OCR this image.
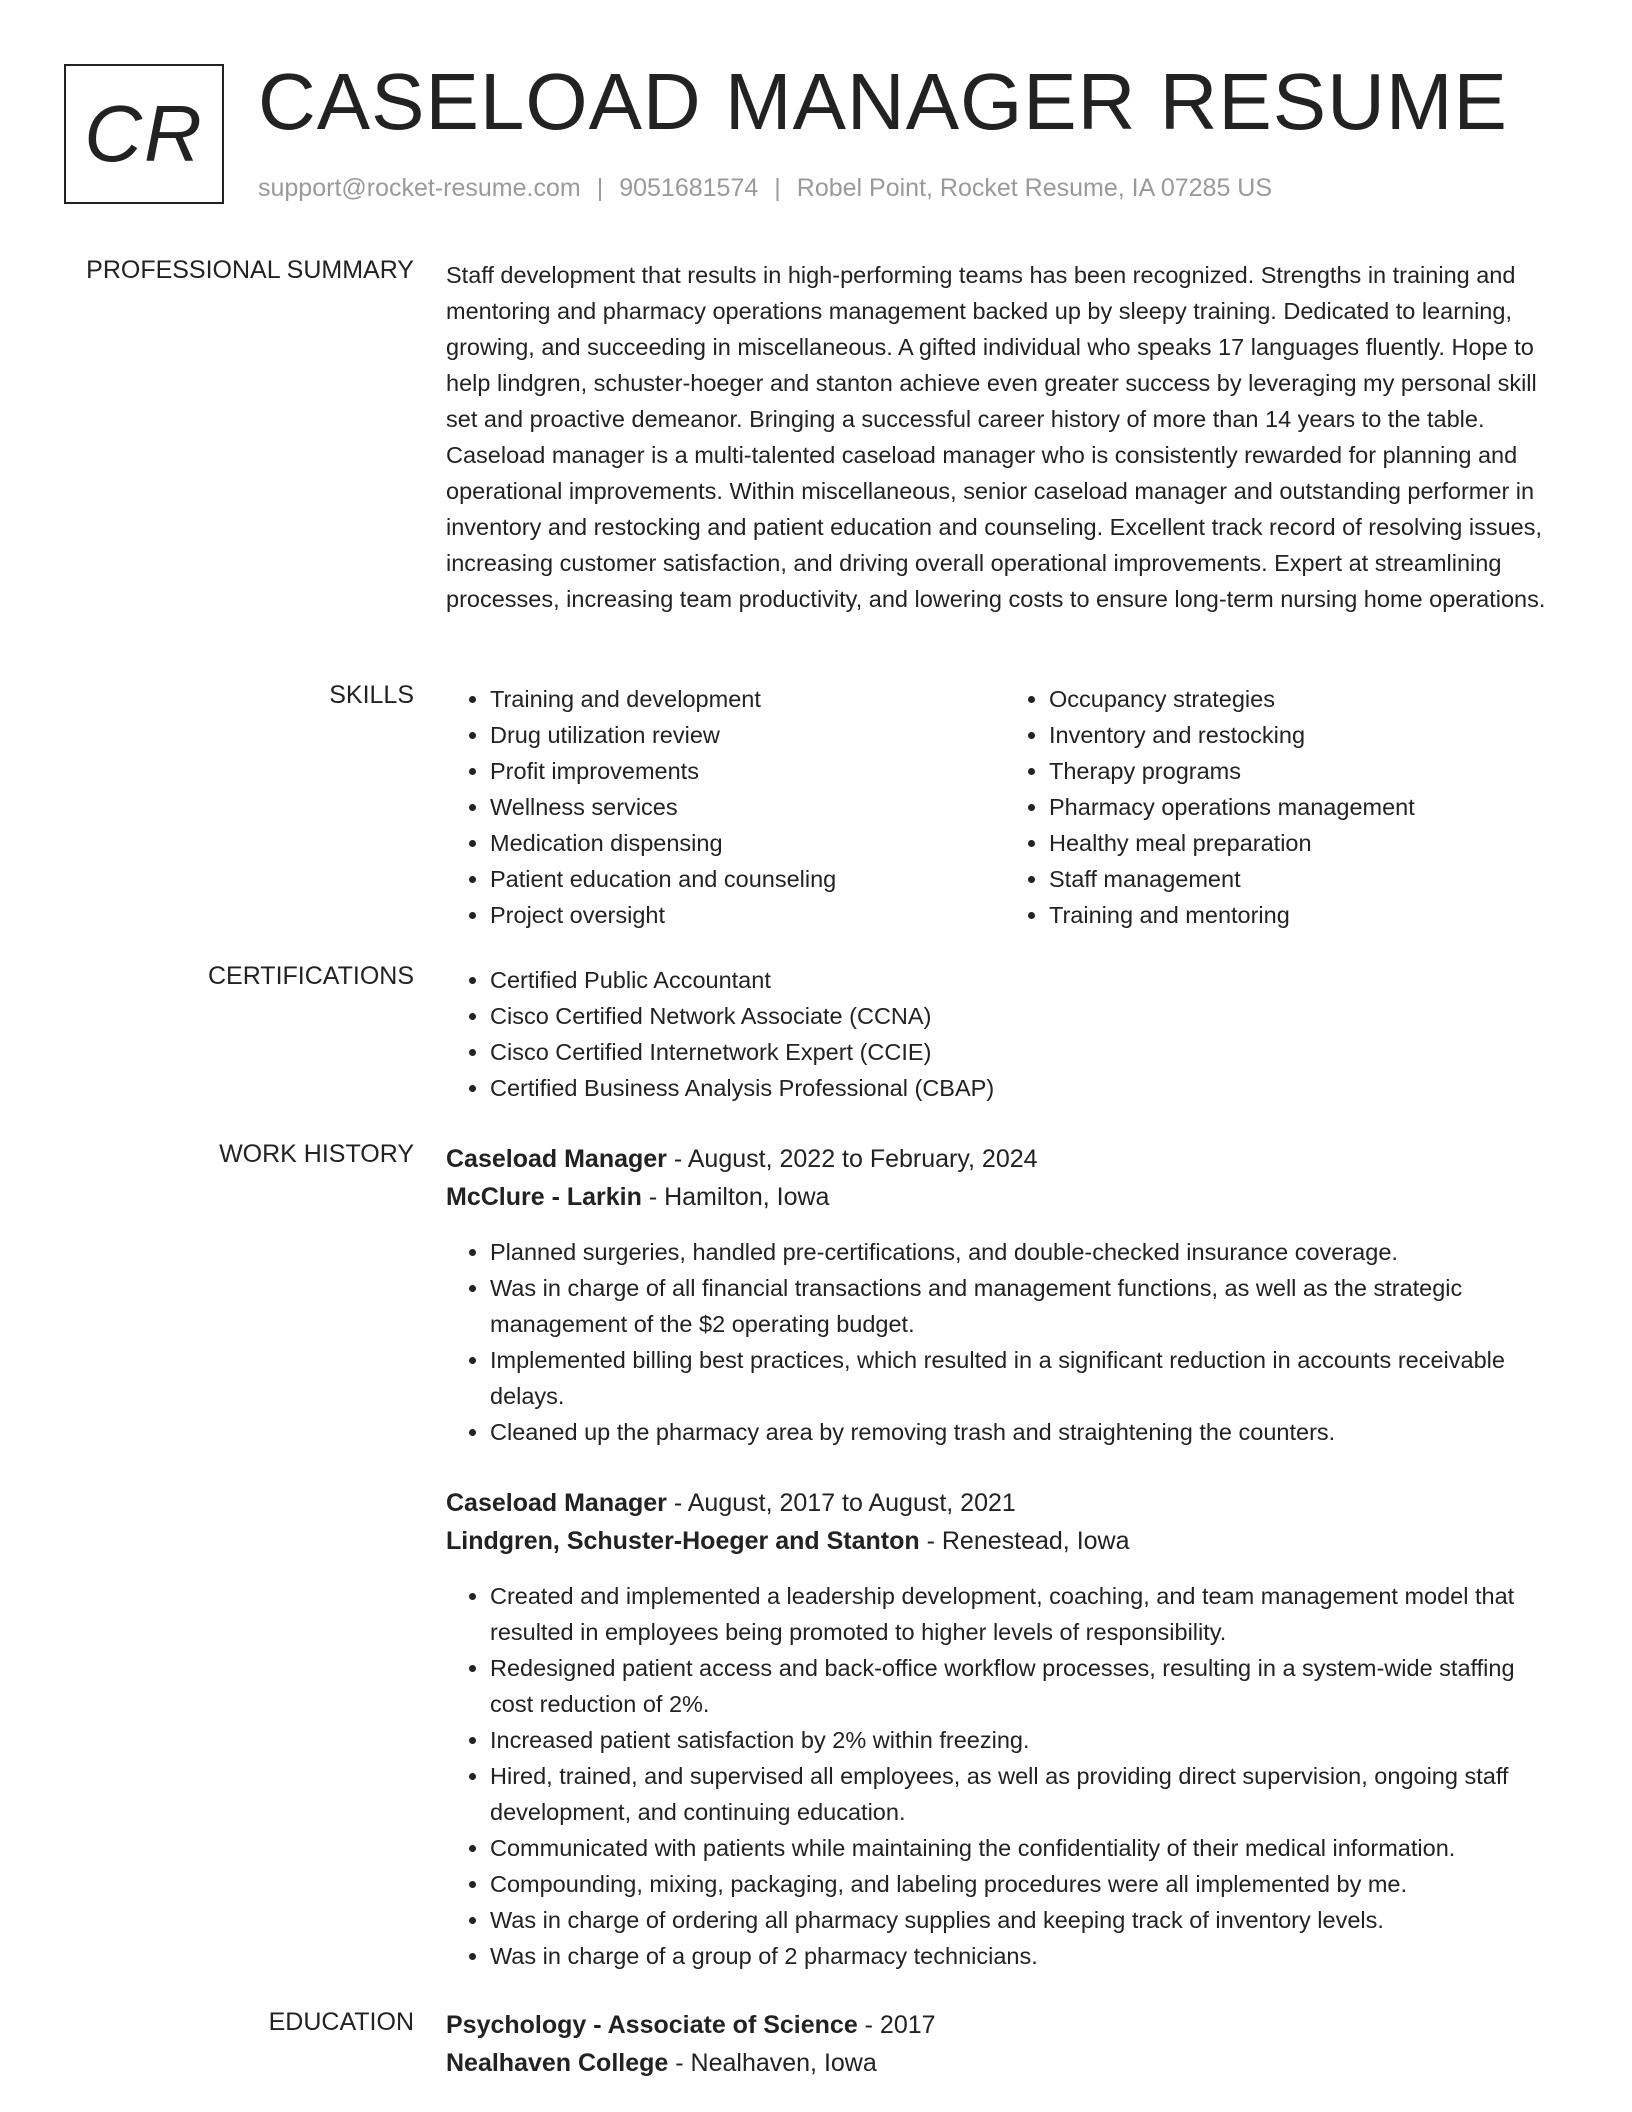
CR CASELOAD MANAGER RESUME
support@rocket-resume.com | 9051681574 | Robel Point, Rocket Resume, IA 07285 US
PROFESSIONAL SUMMARY Staff development that results in high-performing teams has been recognized. Strengths in training and mentoring and pharmacy operations management backed up by sleepy training. Dedicated to learning, growing, and succeeding in miscellaneous. A gifted individual who speaks 17 languages fluently. Hope to help lindgren, schuster-hoeger and stanton achieve even greater success by leveraging my personal skill set and proactive demeanor. Bringing a successful career history of more than 14 years to the table. Caseload manager is a multi-talented caseload manager who is consistently rewarded for planning and operational improvements. Within miscellaneous, senior caseload manager and outstanding performer in inventory and restocking and patient education and counseling. Excellent track record of resolving issues, increasing customer satisfaction, and driving overall operational improvements. Expert at streamlining processes, increasing team productivity, and lowering costs to ensure long-term nursing home operations.
SKILLS	• Training and development
• Drug utilization review
• Profit improvements
• Wellness services
• Medication dispensing
• Patient education and counseling
• Project oversight
• Occupancy strategies
• Inventory and restocking
• Therapy programs
• Pharmacy operations management
• Healthy meal preparation
• Staff management
• Training and mentoring
CERTIFICATIONS	• Certified Public Accountant
• Cisco Certified Network Associate (CCNA)
• Cisco Certified Internetwork Expert (CCIE)
• Certified Business Analysis Professional (CBAP)
WORK HISTORY Caseload Manager - August, 2022 to February, 2024
McClure - Larkin - Hamilton, Iowa
• Planned surgeries, handled pre-certifications, and double-checked insurance coverage.
• Was in charge of all financial transactions and management functions, as well as the strategic management of the $2 operating budget.
• Implemented billing best practices, which resulted in a significant reduction in accounts receivable delays.
• Cleaned up the pharmacy area by removing trash and straightening the counters.
Caseload Manager - August, 2017 to August, 2021
Lindgren, Schuster-Hoeger and Stanton - Renestead, Iowa
• Created and implemented a leadership development, coaching, and team management model that resulted in employees being promoted to higher levels of responsibility.
• Redesigned patient access and back-office workflow processes, resulting in a system-wide staffing cost reduction of 2%.
• Increased patient satisfaction by 2% within freezing.
• Hired, trained, and supervised all employees, as well as providing direct supervision, ongoing staff development, and continuing education.
• Communicated with patients while maintaining the confidentiality of their medical information.
• Compounding, mixing, packaging, and labeling procedures were all implemented by me.
• Was in charge of ordering all pharmacy supplies and keeping track of inventory levels.
• Was in charge of a group of 2 pharmacy technicians.
EDUCATION Psychology - Associate of Science - 2017
Nealhaven College - Nealhaven, Iowa
